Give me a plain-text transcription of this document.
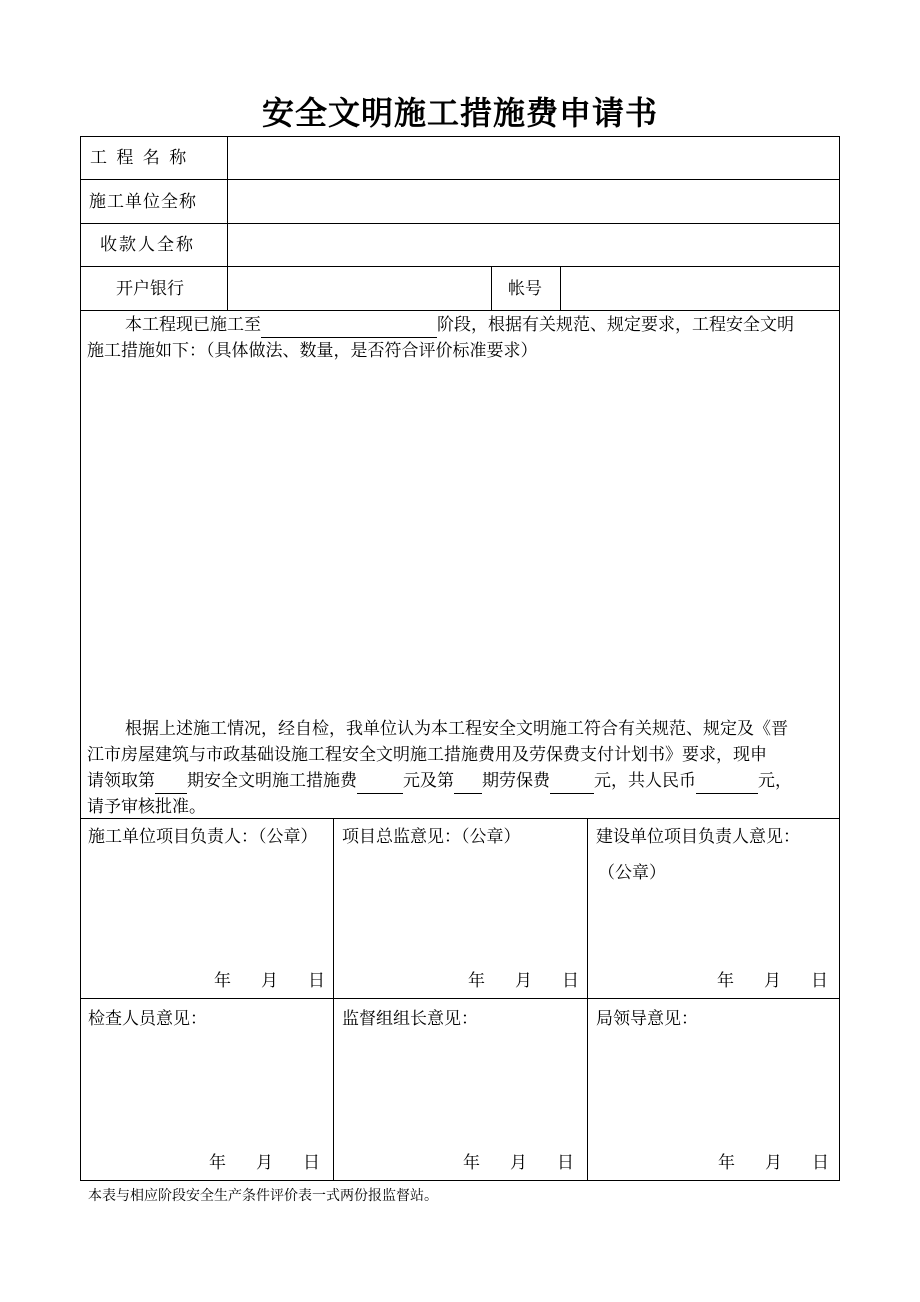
安全文明施工措施费申请书
工 程 名 称
施工单位全称
收款人全称
开户银行	帐号
本工程现已施工至	阶段，根据有关规范、规定要求，工程安全文明
施工措施如下：（具体做法、数量，是否符合评价标准要求）
根据上述施工情况，经自检，我单位认为本工程安全文明施工符合有关规范、规定及《晋
江市房屋建筑与市政基础设施工程安全文明施工措施费用及劳保费支付计划书》要求，现申
请领取第 期安全文明施工措施费	元及第 期劳保费	元，共人民币	元，
请予审核批准。
施工单位项目负责人：（公章） 项目总监意见：（公章）	建设单位项目负责人意见：
（公章）
年 月 日	年 月 日	年 月 日
检查人员意见：	监督组组长意见：	局领导意见：
年 月 日	年 月 日	年 月 日
本表与相应阶段安全生产条件评价表一式两份报监督站。
